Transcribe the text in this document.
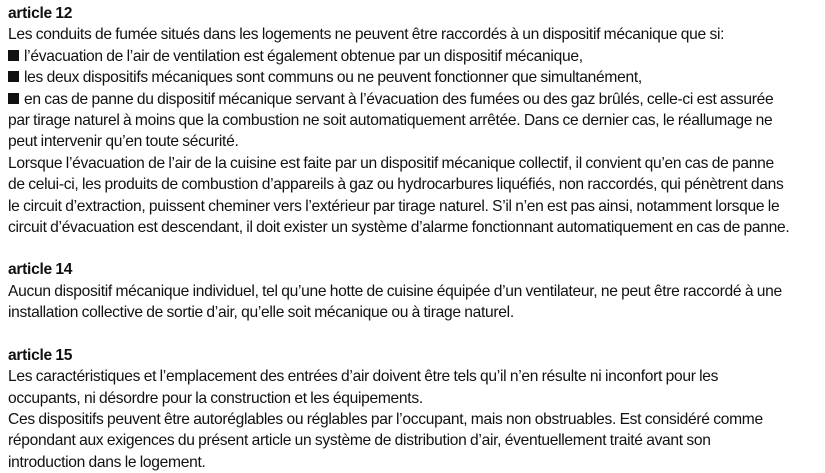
article 12
Les conduits de fumée situés dans les logements ne peuvent être raccordés à un dispositif mécanique que si:
l’évacuation de l’air de ventilation est également obtenue par un dispositif mécanique,
les deux dispositifs mécaniques sont communs ou ne peuvent fonctionner que simultanément,
en cas de panne du dispositif mécanique servant à l’évacuation des fumées ou des gaz brûlés, celle-ci est assurée
par tirage naturel à moins que la combustion ne soit automatiquement arrêtée. Dans ce dernier cas, le réallumage ne
peut intervenir qu’en toute sécurité.
Lorsque l’évacuation de l’air de la cuisine est faite par un dispositif mécanique collectif, il convient qu’en cas de panne
de celui-ci, les produits de combustion d’appareils à gaz ou hydrocarbures liquéfiés, non raccordés, qui pénètrent dans
le circuit d’extraction, puissent cheminer vers l’extérieur par tirage naturel. S’il n’en est pas ainsi, notamment lorsque le
circuit d’évacuation est descendant, il doit exister un système d’alarme fonctionnant automatiquement en cas de panne.
article 14
Aucun dispositif mécanique individuel, tel qu’une hotte de cuisine équipée d’un ventilateur, ne peut être raccordé à une
installation collective de sortie d’air, qu’elle soit mécanique ou à tirage naturel.
article 15
Les caractéristiques et l’emplacement des entrées d’air doivent être tels qu’il n’en résulte ni inconfort pour les
occupants, ni désordre pour la construction et les équipements.
Ces dispositifs peuvent être autoréglables ou réglables par l’occupant, mais non obstruables. Est considéré comme
répondant aux exigences du présent article un système de distribution d’air, éventuellement traité avant son
introduction dans le logement.
